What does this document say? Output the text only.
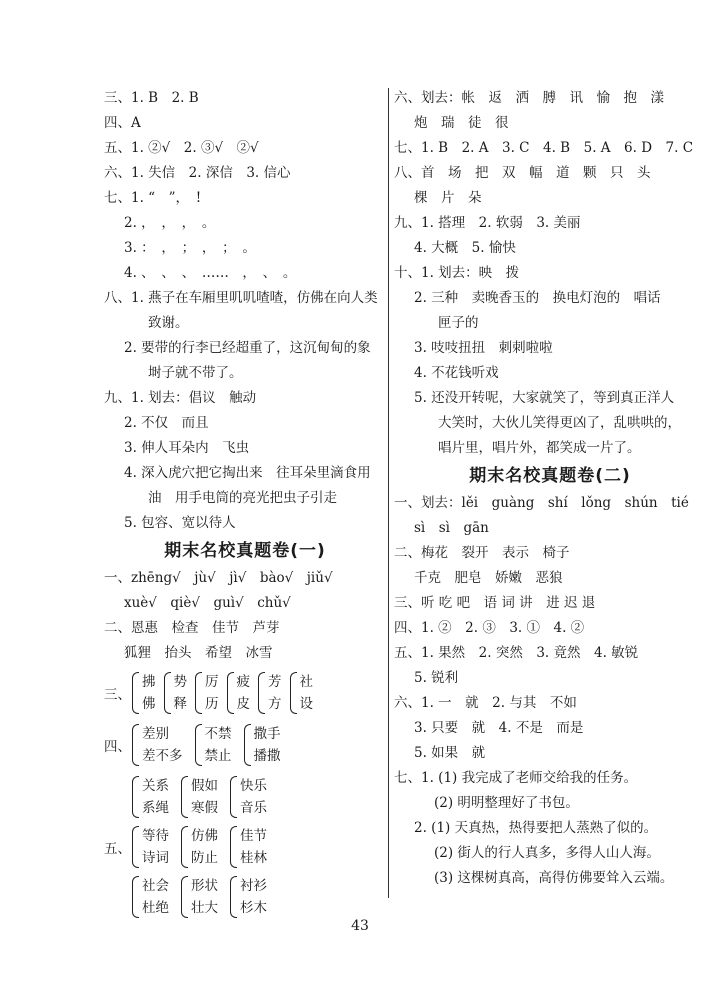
三、1. B　2. B
四、A
五、1. ②√　2. ③√　②√
六、1. 失信　2. 深信　3. 信心
七、1. “　”，　!
2. ，　，　，　。
3. ：　，　；　，　；　。
4. 、　、　、　……　，　、　。
八、1. 燕子在车厢里叽叽喳喳，仿佛在向人类
致谢。
2. 要带的行李已经超重了，这沉甸甸的象
埘子就不带了。
九、1. 划去：倡议　触动
2. 不仅　而且
3. 伸人耳朵内　飞虫
4. 深入虎穴把它掏出来　往耳朵里滴食用
油　用手电筒的亮光把虫子引走
5. 包容、宽以待人
期末名校真题卷(一)
一、zhēng√　jù√　jì√　bào√　jiǔ√
xuè√　qiè√　guì√　chǔ√
二、恩惠　检查　佳节　芦芽
狐狸　抬头　希望　冰雪
三、
拂
佛
势
释
厉
历
疲
皮
芳
方
社
设
四、
差别
差不多
不禁
禁止
撒手
播撒
五、
关系
系绳
假如
寒假
快乐
音乐
等待
诗词
仿佛
防止
佳节
桂林
社会
杜绝
形状
壮大
衬衫
杉木
六、划去：帐　返　洒　膊　讯　愉　抱　漾
炮　瑞　徒　很
七、1. B　2. A　3. C　4. B　5. A　6. D　7. C
八、首　场　把　双　幅　道　颗　只　头
棵　片　朵
九、1. 搭理　2. 软弱　3. 美丽
4. 大概　5. 愉快
十、1. 划去：映　拨
2. 三种　卖晚香玉的　换电灯泡的　唱话
匣子的
3. 吱吱扭扭　刺刺啦啦
4. 不花钱听戏
5. 还没开转呢，大家就笑了，等到真正洋人
大笑时，大伙儿笑得更凶了，乱哄哄的，
唱片里，唱片外，都笑成一片了。
期末名校真题卷(二)
一、划去：lěi　guàng　shí　lǒng　shún　tié
sì　sì　gān
二、梅花　裂开　表示　椅子
千克　肥皂　娇嫩　恶狼
三、听 吃 吧　语 词 讲　进 迟 退
四、1. ②　2. ③　3. ①　4. ②
五、1. 果然　2. 突然　3. 竟然　4. 敏锐
5. 锐利
六、1. 一　就　2. 与其　不如
3. 只要　就　4. 不是　而是
5. 如果　就
七、1. (1) 我完成了老师交给我的任务。
(2) 明明整理好了书包。
2. (1) 天真热，热得要把人蒸熟了似的。
(2) 街人的行人真多，多得人山人海。
(3) 这棵树真高，高得仿佛要耸入云端。
43
